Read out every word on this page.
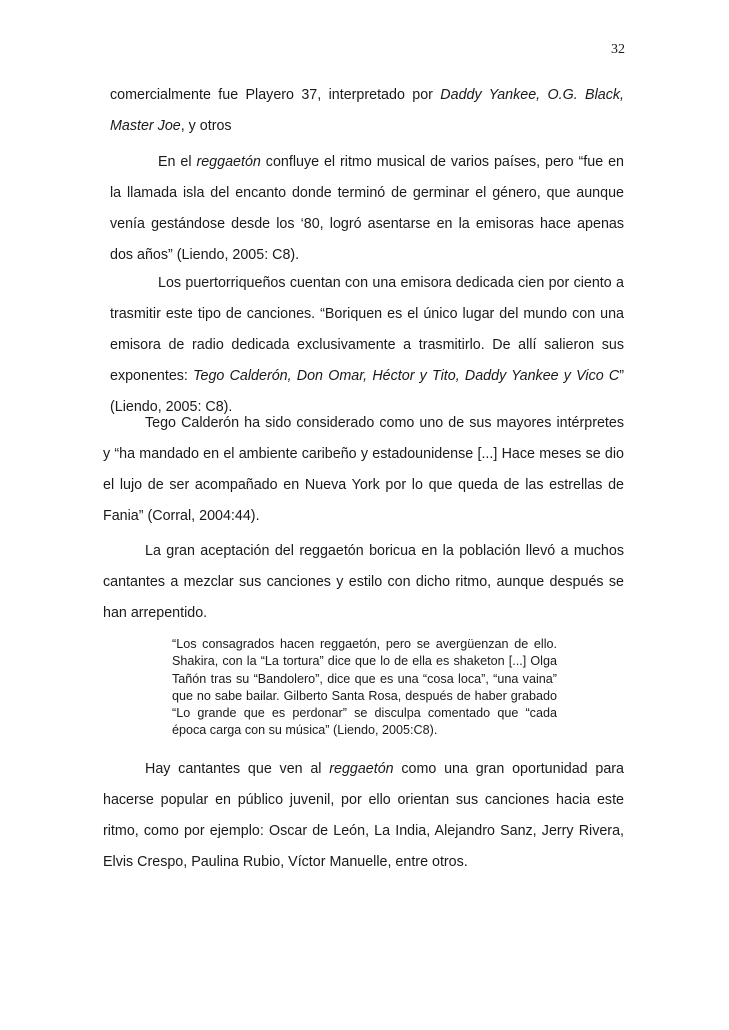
32

comercialmente fue Playero 37, interpretado por Daddy Yankee, O.G. Black, Master Joe, y otros

En el reggaetón confluye el ritmo musical de varios países, pero “fue en la llamada isla del encanto donde terminó de germinar el género, que aunque venía gestándose desde los ‘80, logró asentarse en la emisoras hace apenas dos años” (Liendo, 2005: C8).

Los puertorriqueños cuentan con una emisora dedicada cien por ciento a trasmitir este tipo de canciones. “Boriquen es el único lugar del mundo con una emisora de radio dedicada exclusivamente a trasmitirlo. De allí salieron sus exponentes: Tego Calderón, Don Omar, Héctor y Tito, Daddy Yankee y Vico C” (Liendo, 2005: C8).

Tego Calderón ha sido considerado como uno de sus mayores intérpretes y “ha mandado en el ambiente caribeño y estadounidense [...] Hace meses se dio el lujo de ser acompañado en Nueva York por lo que queda de las estrellas de Fania” (Corral, 2004:44).

La gran aceptación del reggaetón boricua en la población llevó a muchos cantantes a mezclar sus canciones y estilo con dicho ritmo, aunque después se han arrepentido.

“Los consagrados hacen reggaetón, pero se avergüenzan de ello. Shakira, con la “La tortura” dice que lo de ella es shaketon [...] Olga Tañón tras su “Bandolero”, dice que es una “cosa loca”, “una vaina” que no sabe bailar. Gilberto Santa Rosa, después de haber grabado “Lo grande que es perdonar” se disculpa comentado que “cada época carga con su música” (Liendo, 2005:C8).

Hay cantantes que ven al reggaetón como una gran oportunidad para hacerse popular en público juvenil, por ello orientan sus canciones hacia este ritmo, como por ejemplo: Oscar de León, La India, Alejandro Sanz, Jerry Rivera, Elvis Crespo, Paulina Rubio, Víctor Manuelle, entre otros.
